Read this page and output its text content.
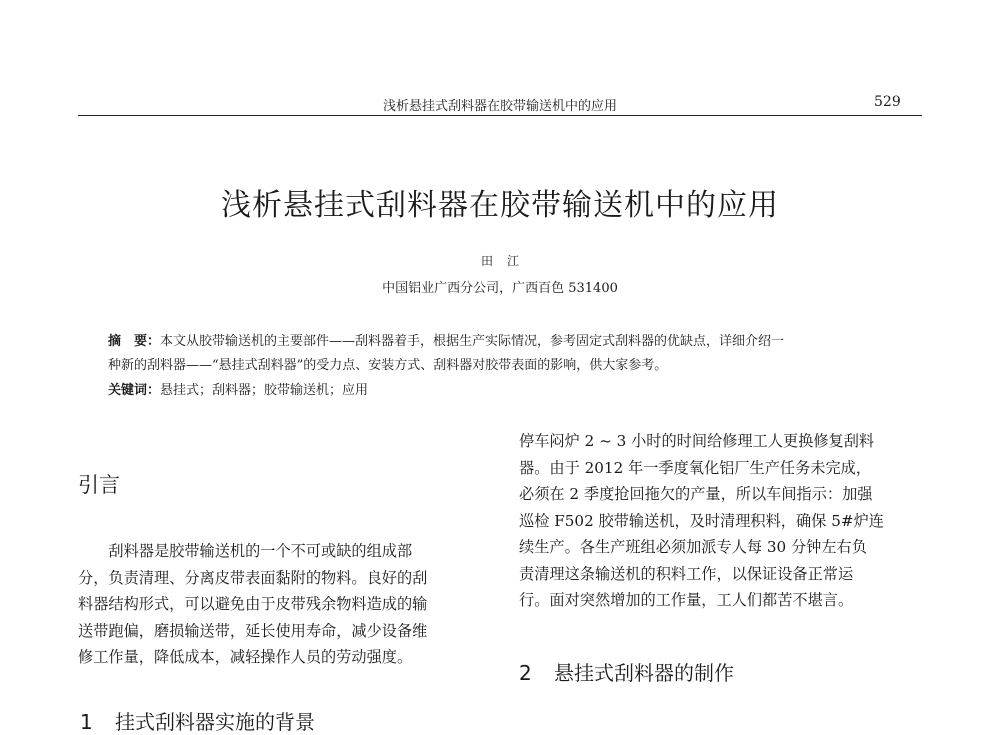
浅析悬挂式刮料器在胶带输送机中的应用	529
浅析悬挂式刮料器在胶带输送机中的应用
田江
中国铝业广西分公司，广西百色 531400
摘　要：本文从胶带输送机的主要部件——刮料器着手，根据生产实际情况，参考固定式刮料器的优缺点，详细介绍一
种新的刮料器——“悬挂式刮料器”的受力点、安装方式、刮料器对胶带表面的影响，供大家参考。
关键词：悬挂式；刮料器；胶带输送机；应用
引言

　　刮料器是胶带输送机的一个不可或缺的组成部

分，负责清理、分离皮带表面黏附的物料。良好的刮

料器结构形式，可以避免由于皮带残余物料造成的输

送带跑偏，磨损输送带，延长使用寿命，减少设备维

修工作量，降低成本，减轻操作人员的劳动强度。

1 挂式刮料器实施的背景

停车闷炉 2 ~ 3 小时的时间给修理工人更换修复刮料

器。由于 2012 年一季度氧化铝厂生产任务未完成，

必须在 2 季度抢回拖欠的产量，所以车间指示：加强

巡检 F502 胶带输送机，及时清理积料，确保 5#炉连

续生产。各生产班组必须加派专人每 30 分钟左右负

责清理这条输送机的积料工作，以保证设备正常运

行。面对突然增加的工作量，工人们都苦不堪言。

2 悬挂式刮料器的制作
